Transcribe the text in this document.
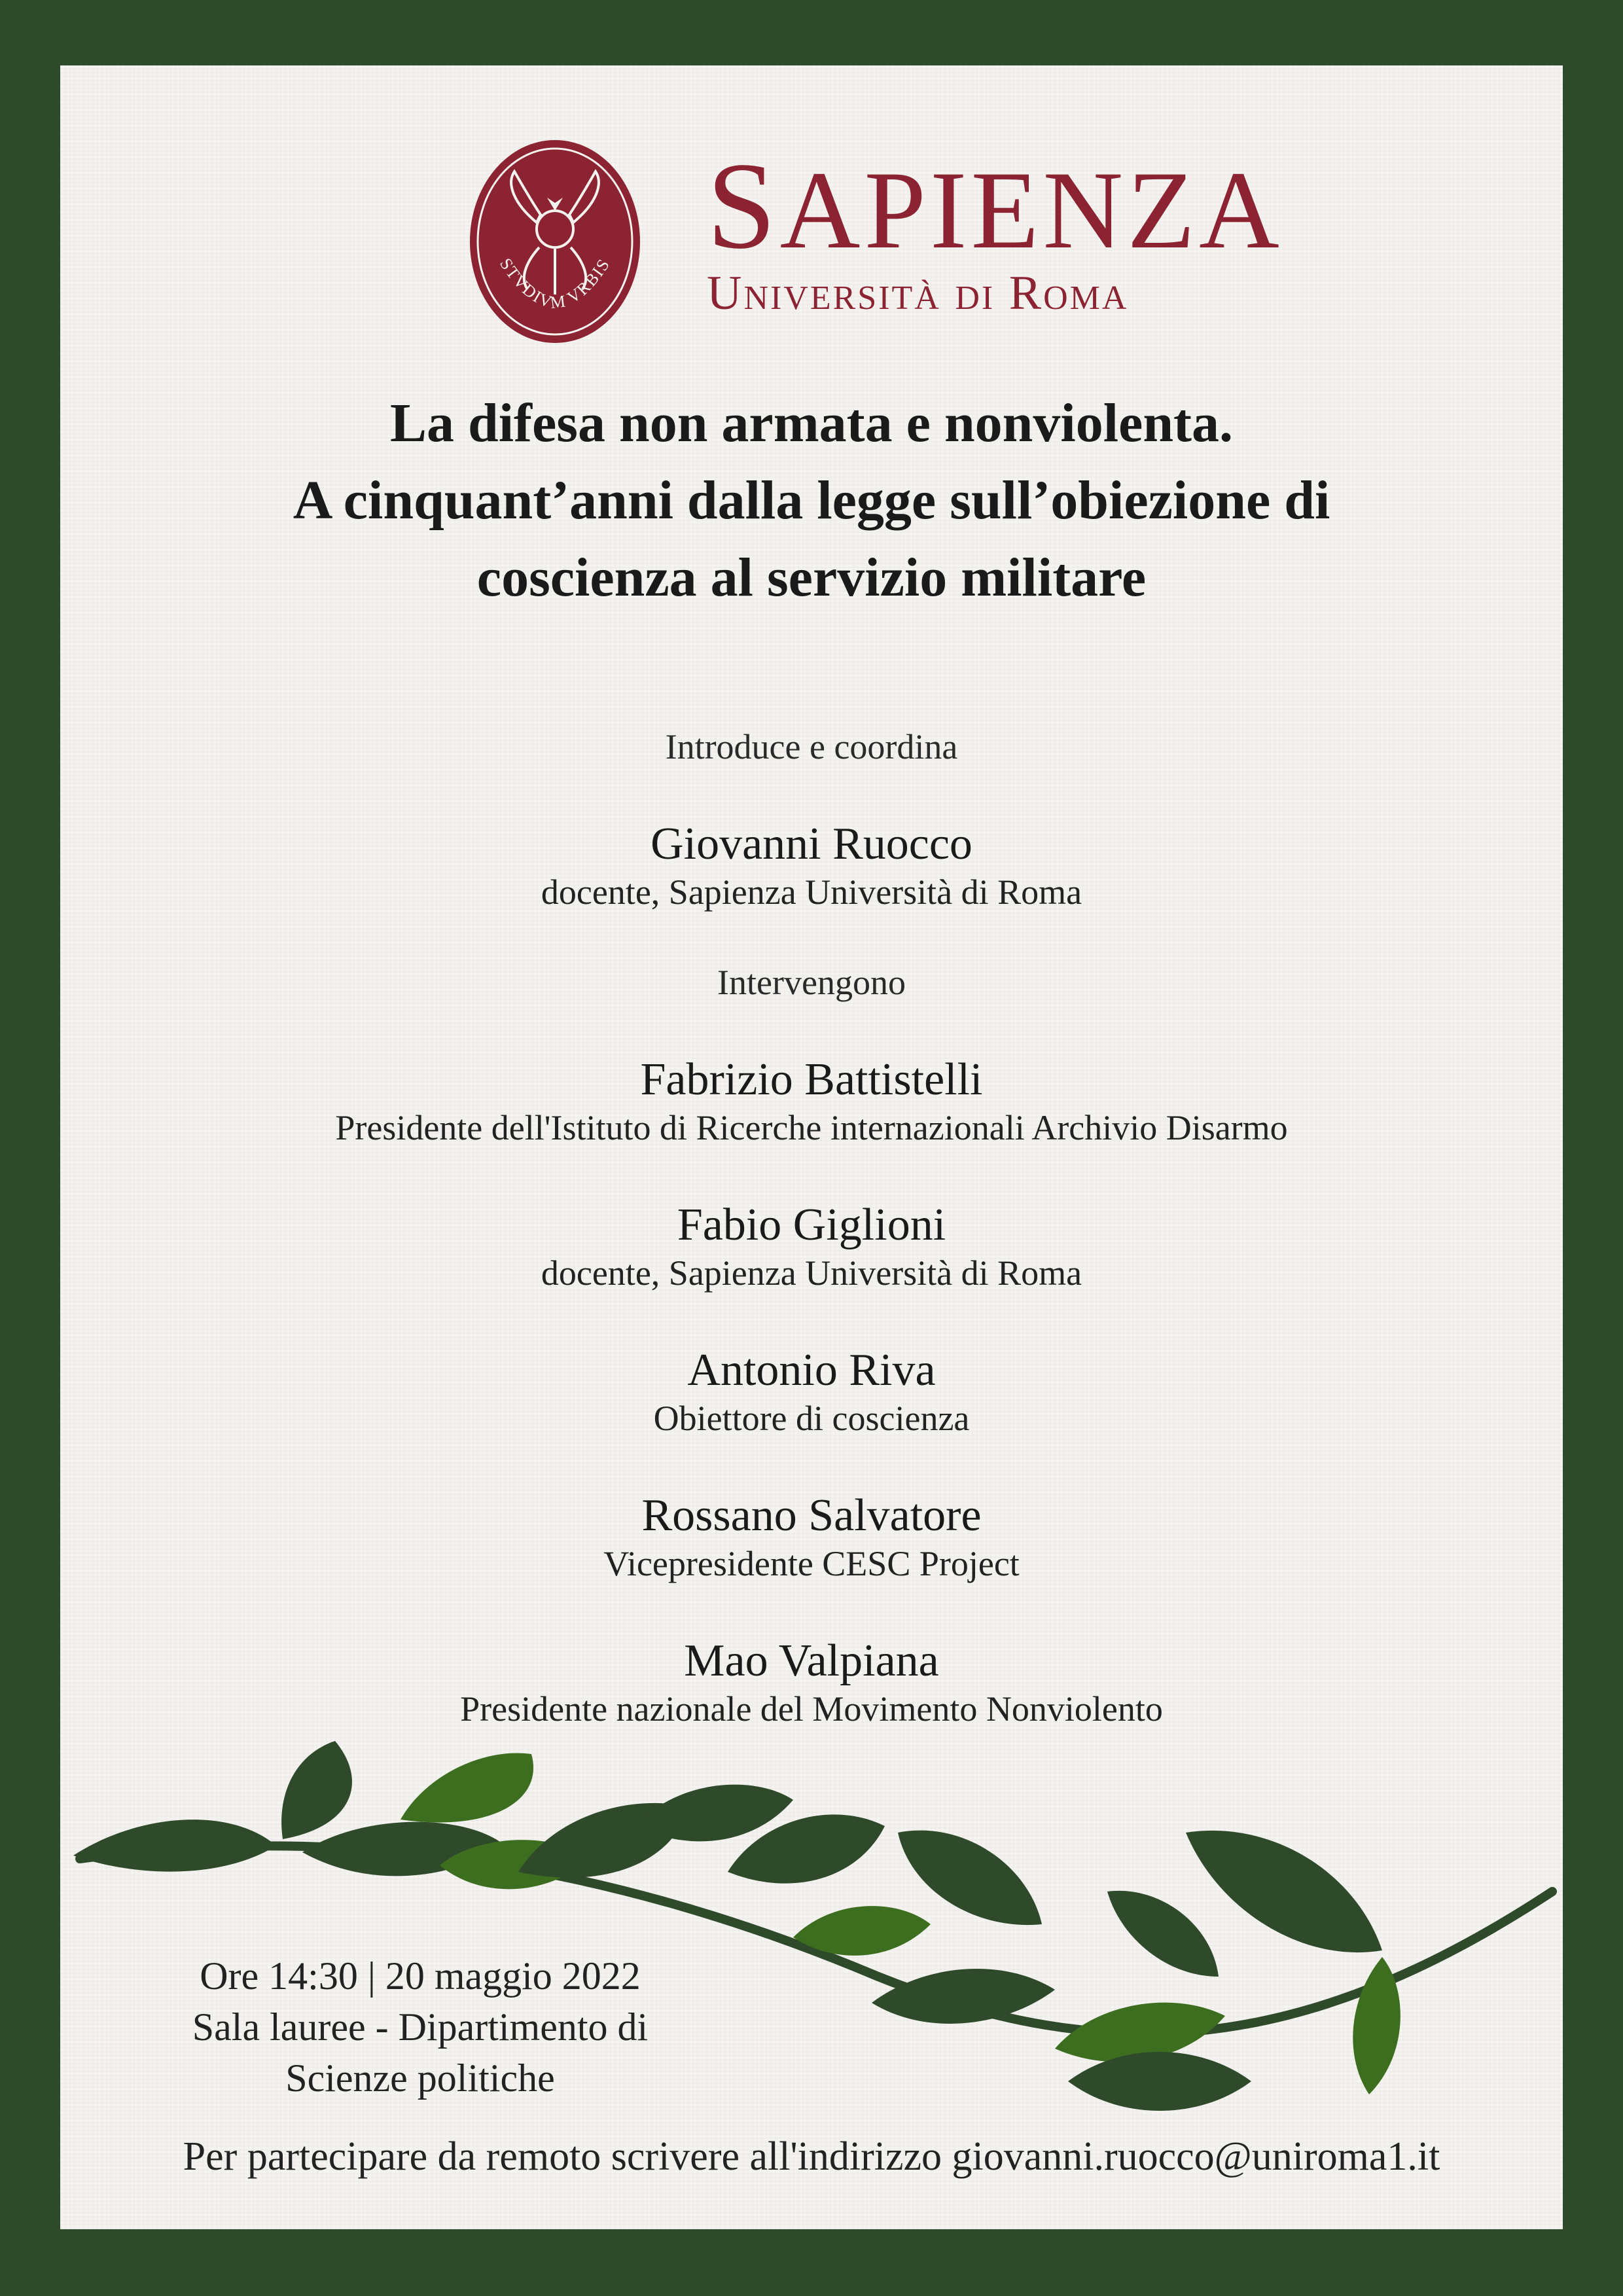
STVDIVM VRBIS SAPIENZA
Università di Roma
La difesa non armata e nonviolenta.
A cinquant’anni dalla legge sull’obiezione di
coscienza al servizio militare
Introduce e coordina
Giovanni Ruocco
docente, Sapienza Università di Roma
Intervengono
Fabrizio Battistelli
Presidente dell'Istituto di Ricerche internazionali Archivio Disarmo
Fabio Giglioni
docente, Sapienza Università di Roma
Antonio Riva
Obiettore di coscienza
Rossano Salvatore
Vicepresidente CESC Project
Mao Valpiana
Presidente nazionale del Movimento Nonviolento
Ore 14:30 | 20 maggio 2022
Sala lauree - Dipartimento di
Scienze politiche
Per partecipare da remoto scrivere all'indirizzo giovanni.ruocco@uniroma1.it
